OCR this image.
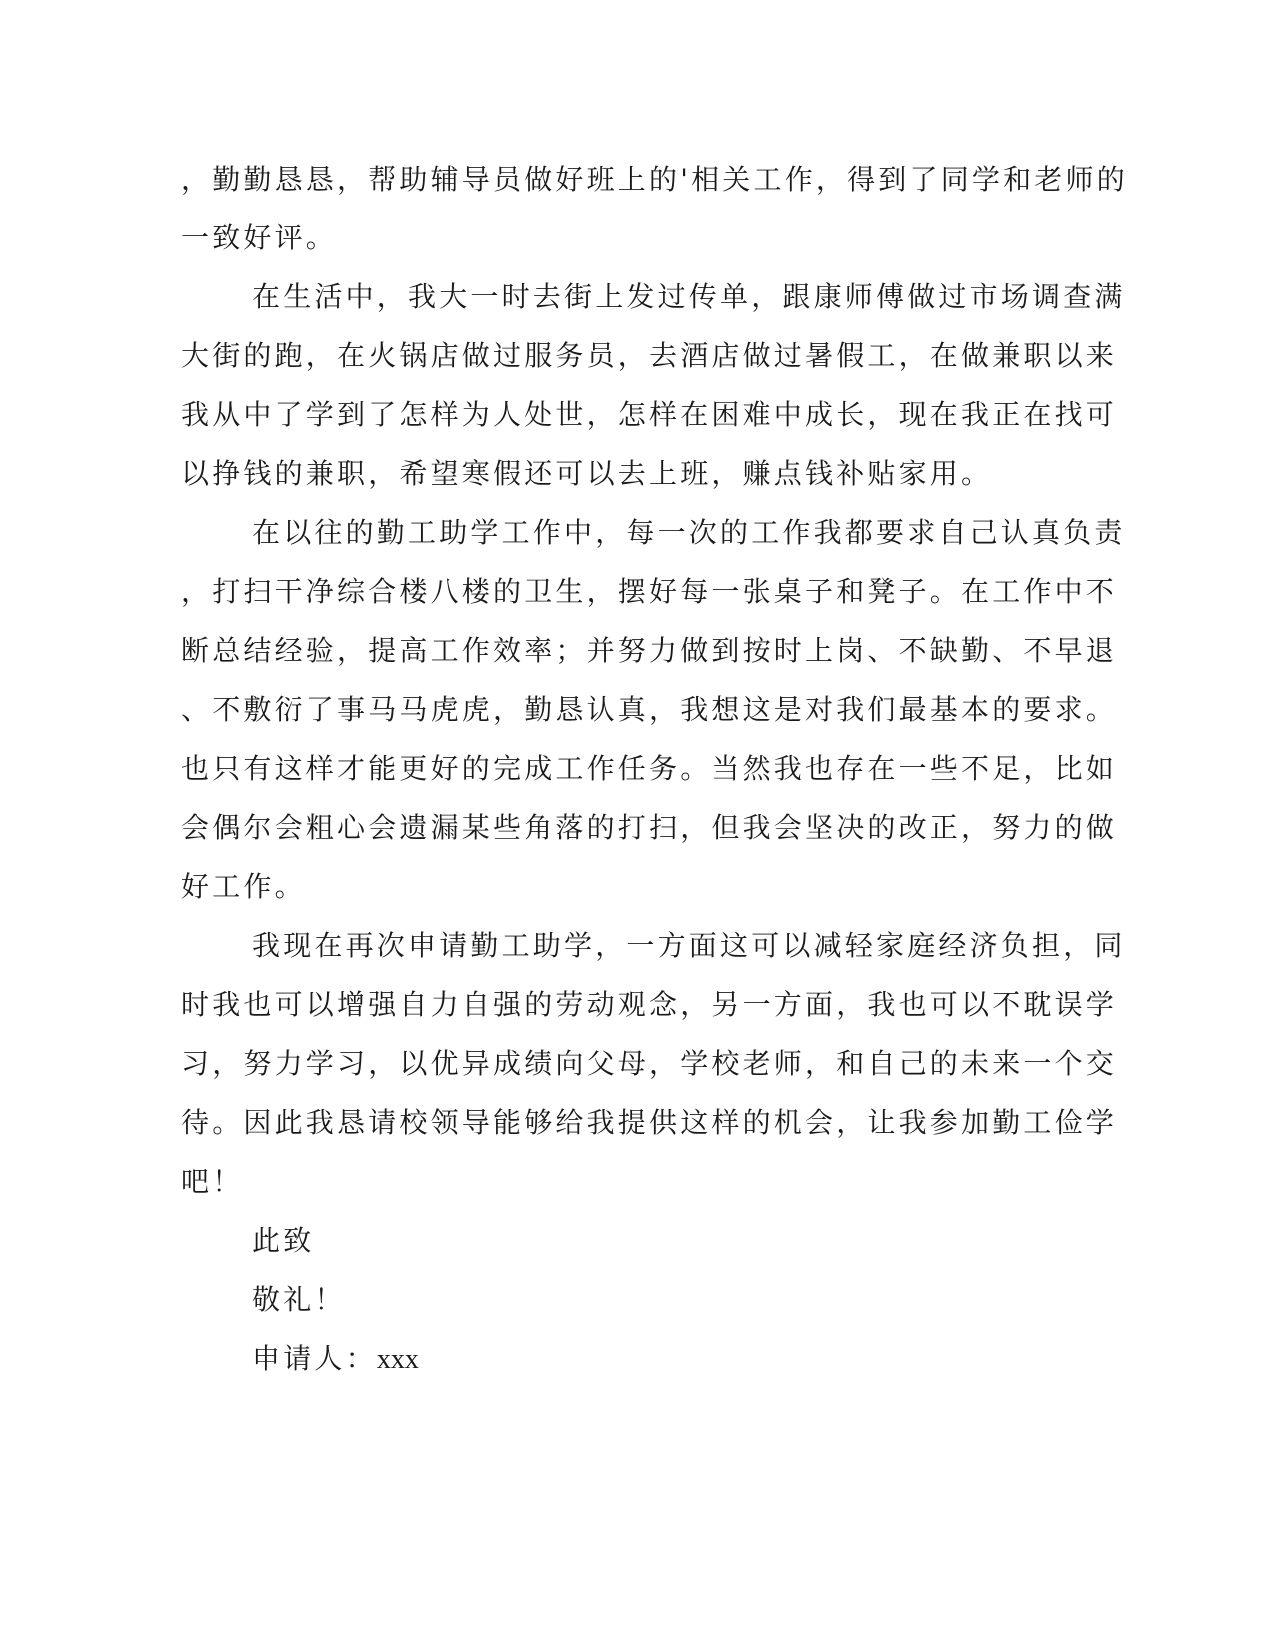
，勤勤恳恳，帮助辅导员做好班上的'相关工作，得到了同学和老师的
一致好评。
在生活中，我大一时去街上发过传单，跟康师傅做过市场调查满
大街的跑，在火锅店做过服务员，去酒店做过暑假工，在做兼职以来
我从中了学到了怎样为人处世，怎样在困难中成长，现在我正在找可
以挣钱的兼职，希望寒假还可以去上班，赚点钱补贴家用。
在以往的勤工助学工作中，每一次的工作我都要求自己认真负责
，打扫干净综合楼八楼的卫生，摆好每一张桌子和凳子。在工作中不
断总结经验，提高工作效率；并努力做到按时上岗、不缺勤、不早退
、不敷衍了事马马虎虎，勤恳认真，我想这是对我们最基本的要求。
也只有这样才能更好的完成工作任务。当然我也存在一些不足，比如
会偶尔会粗心会遗漏某些角落的打扫，但我会坚决的改正，努力的做
好工作。
我现在再次申请勤工助学，一方面这可以减轻家庭经济负担，同
时我也可以增强自力自强的劳动观念，另一方面，我也可以不耽误学
习，努力学习，以优异成绩向父母，学校老师，和自己的未来一个交
待。因此我恳请校领导能够给我提供这样的机会，让我参加勤工俭学
吧！
此致
敬礼！
申请人：xxx
